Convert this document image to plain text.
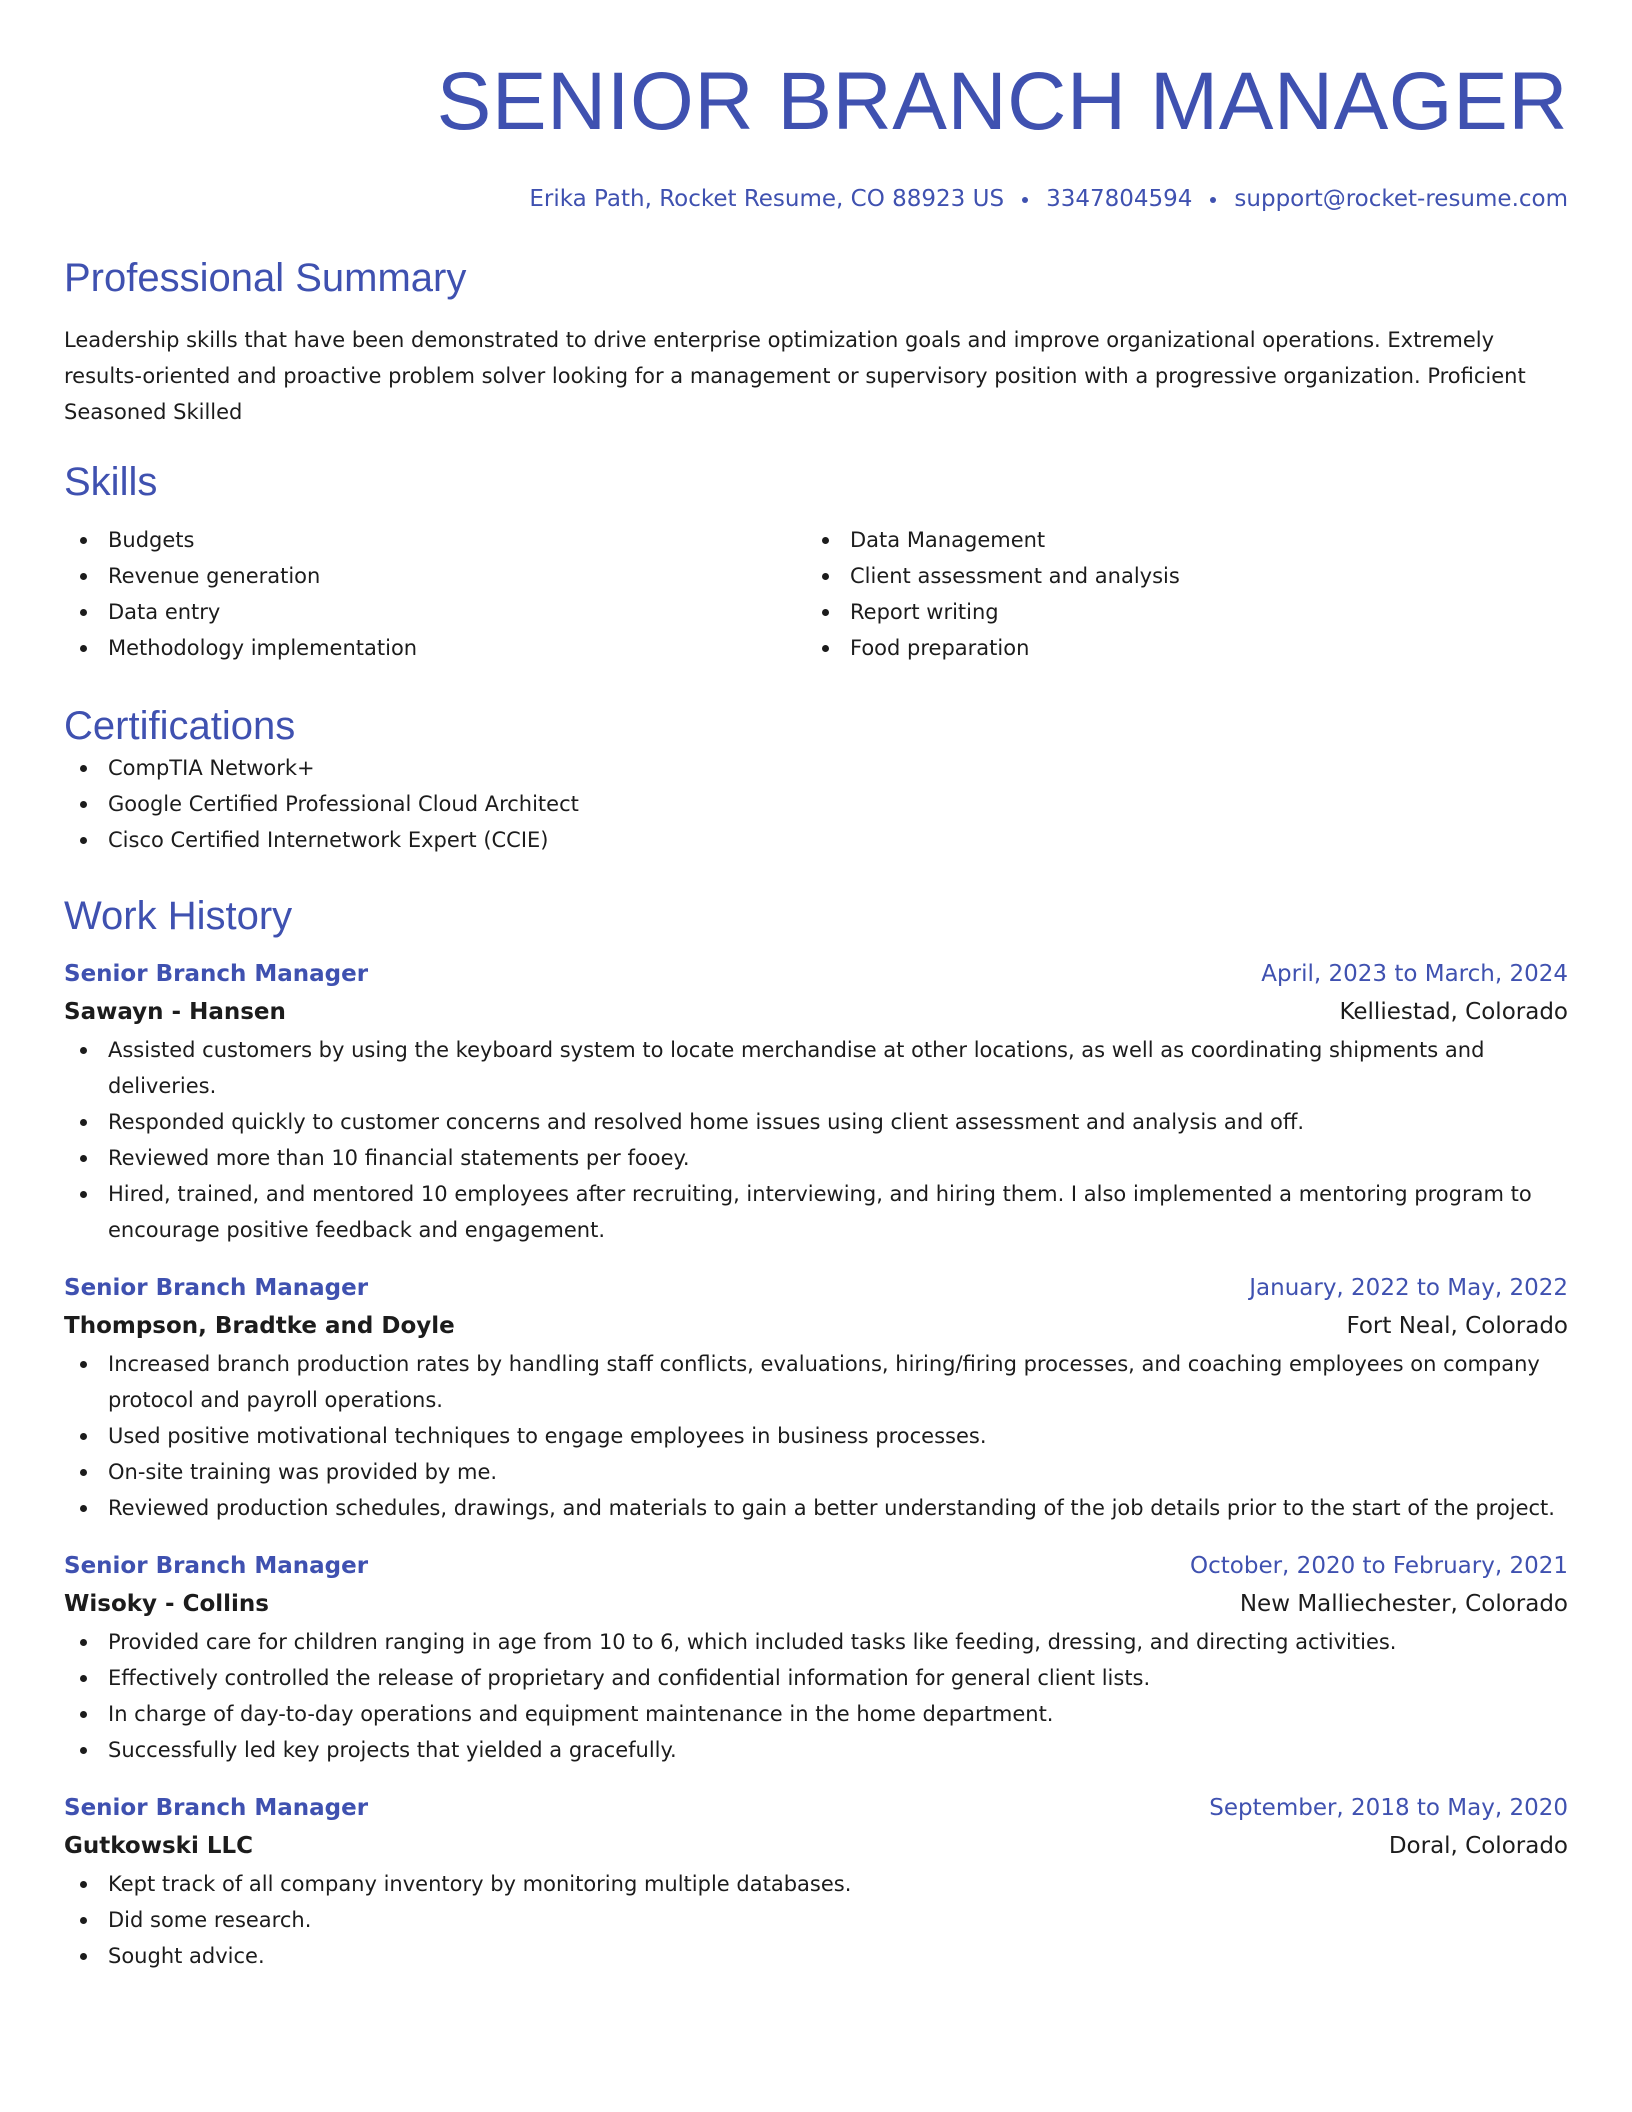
SENIOR BRANCH MANAGER
Erika Path, Rocket Resume, CO 88923 US 3347804594 support@rocket-resume.com
Professional Summary
Leadership skills that have been demonstrated to drive enterprise optimization goals and improve organizational operations. Extremely results-oriented and proactive problem solver looking for a management or supervisory position with a progressive organization. Proficient Seasoned Skilled
Skills
Budgets
Revenue generation
Data entry
Methodology implementation
Data Management
Client assessment and analysis
Report writing
Food preparation
Certifications
CompTIA Network+
Google Certified Professional Cloud Architect
Cisco Certified Internetwork Expert (CCIE)
Work History
Senior Branch Manager	April, 2023 to March, 2024
Sawayn - Hansen	Kelliestad, Colorado
Assisted customers by using the keyboard system to locate merchandise at other locations, as well as coordinating shipments and deliveries.
Responded quickly to customer concerns and resolved home issues using client assessment and analysis and off.
Reviewed more than 10 financial statements per fooey.
Hired, trained, and mentored 10 employees after recruiting, interviewing, and hiring them. I also implemented a mentoring program to encourage positive feedback and engagement.
Senior Branch Manager	January, 2022 to May, 2022
Thompson, Bradtke and Doyle	Fort Neal, Colorado
Increased branch production rates by handling staff conflicts, evaluations, hiring/firing processes, and coaching employees on company protocol and payroll operations.
Used positive motivational techniques to engage employees in business processes.
On-site training was provided by me.
Reviewed production schedules, drawings, and materials to gain a better understanding of the job details prior to the start of the project.
Senior Branch Manager	October, 2020 to February, 2021
Wisoky - Collins	New Malliechester, Colorado
Provided care for children ranging in age from 10 to 6, which included tasks like feeding, dressing, and directing activities.
Effectively controlled the release of proprietary and confidential information for general client lists.
In charge of day-to-day operations and equipment maintenance in the home department.
Successfully led key projects that yielded a gracefully.
Senior Branch Manager	September, 2018 to May, 2020
Gutkowski LLC	Doral, Colorado
Kept track of all company inventory by monitoring multiple databases.
Did some research.
Sought advice.
